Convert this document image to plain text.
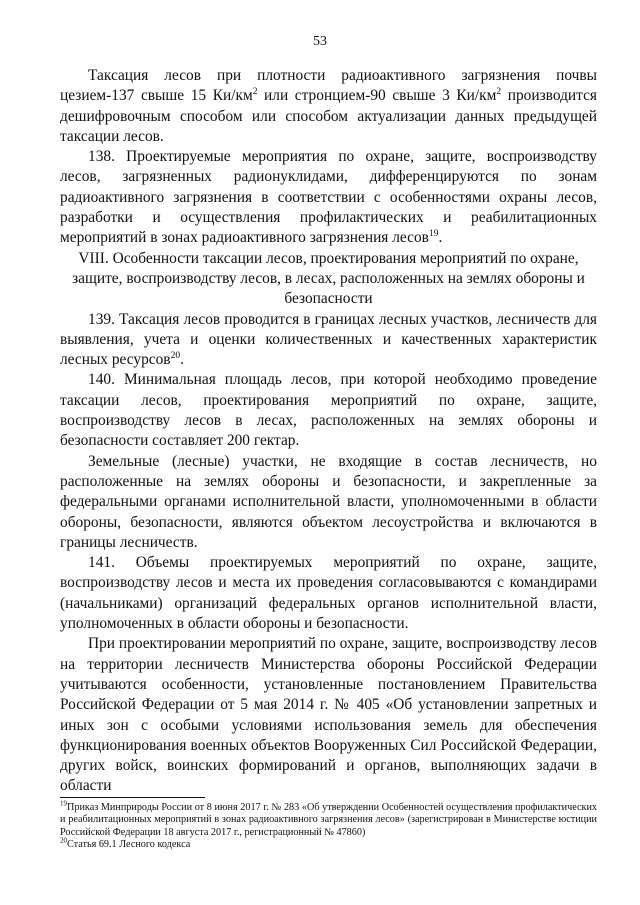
53

Таксация лесов при плотности радиоактивного загрязнения почвы цезием-137 свыше 15 $Ки/км^2$ или стронцием-90 свыше 3 $Ки/км^2$ производится дешифровочным способом или способом актуализации данных предыдущей таксации лесов.

138. Проектируемые мероприятия по охране, защите, воспроизводству лесов, загрязненных радионуклидами, дифференцируются по зонам радиоактивного загрязнения в соответствии с особенностями охраны лесов, разработки и осуществления профилактических и реабилитационных мероприятий в зонах радиоактивного загрязнения лесов$^{19}$.

VIII. Особенности таксации лесов, проектирования мероприятий по охране, защите, воспроизводству лесов, в лесах, расположенных на землях обороны и безопасности

139. Таксация лесов проводится в границах лесных участков, лесничеств для выявления, учета и оценки количественных и качественных характеристик лесных ресурсов$^{20}$.

140. Минимальная площадь лесов, при которой необходимо проведение таксации лесов, проектирования мероприятий по охране, защите, воспроизводству лесов в лесах, расположенных на землях обороны и безопасности составляет 200 гектар.

Земельные (лесные) участки, не входящие в состав лесничеств, но расположенные на землях обороны и безопасности, и закрепленные за федеральными органами исполнительной власти, уполномоченными в области обороны, безопасности, являются объектом лесоустройства и включаются в границы лесничеств.

141. Объемы проектируемых мероприятий по охране, защите, воспроизводству лесов и места их проведения согласовываются с командирами (начальниками) организаций федеральных органов исполнительной власти, уполномоченных в области обороны и безопасности.

При проектировании мероприятий по охране, защите, воспроизводству лесов на территории лесничеств Министерства обороны Российской Федерации учитываются особенности, установленные постановлением Правительства Российской Федерации от 5 мая 2014 г. № 405 «Об установлении запретных и иных зон с особыми условиями использования земель для обеспечения функционирования военных объектов Вооруженных Сил Российской Федерации, других войск, воинских формирований и органов, выполняющих задачи в области

$^{19}$Приказ Минприроды России от 8 июня 2017 г. № 283 «Об утверждении Особенностей осуществления профилактических и реабилитационных мероприятий в зонах радиоактивного загрязнения лесов» (зарегистрирован в Министерстве юстиции Российской Федерации 18 августа 2017 г., регистрационный № 47860)

$^{20}$Статья 69.1 Лесного кодекса
